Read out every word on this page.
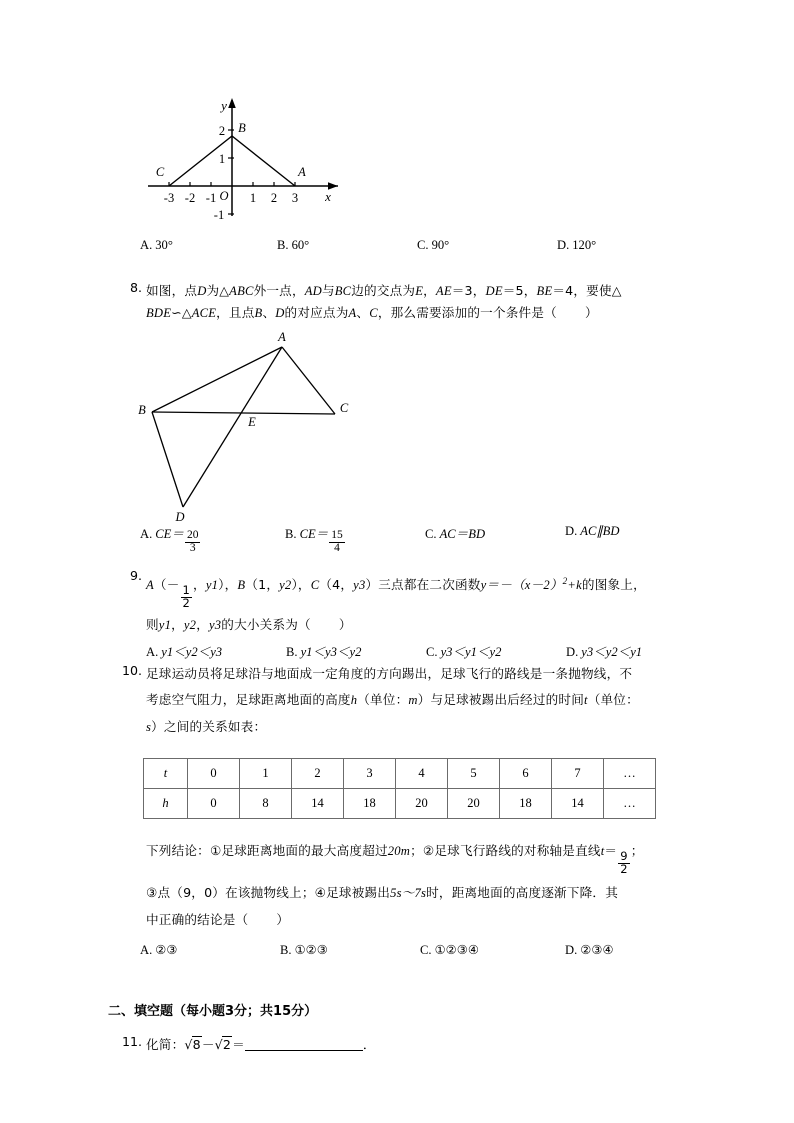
-3 -2 -1	1 2 3
2
1
-1
O	x
y
C
B
A
A. 30°	B. 60°	C. 90°	D. 120°
8. 如图，点D为△ABC外一点，AD与BC边的交点为E，AE＝3，DE＝5，BE＝4，要使△
BDE∽△ACE，且点B、D的对应点为A、C，那么需要添加的一个条件是（ ）
A
B	C
D
E
A. $CE= \frac{20}{3}$	B. $CE= \frac{15}{4}$	C. AC＝BD	D. AC∥BD
9.
A（－
$\frac{1}{2}$
，y1），B（1，y2），C（4，y3）三点都在二次函数$y=-(x-2)^2+k$的图象上，
则y1，y2，y3的大小关系为（ ）
A. y1＜y2＜y3	B. y1＜y3＜y2	C. y3＜y1＜y2	D. y3＜y2＜y1
10. 足球运动员将足球沿与地面成一定角度的方向踢出，足球飞行的路线是一条抛物线，不
考虑空气阻力，足球距离地面的高度h（单位：m）与足球被踢出后经过的时间t（单位：
s）之间的关系如表：
t	0	1	2	3	4	5	6	7	…
h	0	8	14	18	20	20	18	14	…
下列结论：①足球距离地面的最大高度超过20m；②足球飞行路线的对称轴是直线t＝
$\frac{9}{2}$
；
③点（9，0）在该抛物线上；④足球被踢出5s～7s时，距离地面的高度逐渐下降．其
中正确的结论是（ ）
A. ②③	B. ①②③	C. ①②③④	D. ②③④
二、填空题（每小题3分；共15分）
11. 化简：√8－√2＝	．
